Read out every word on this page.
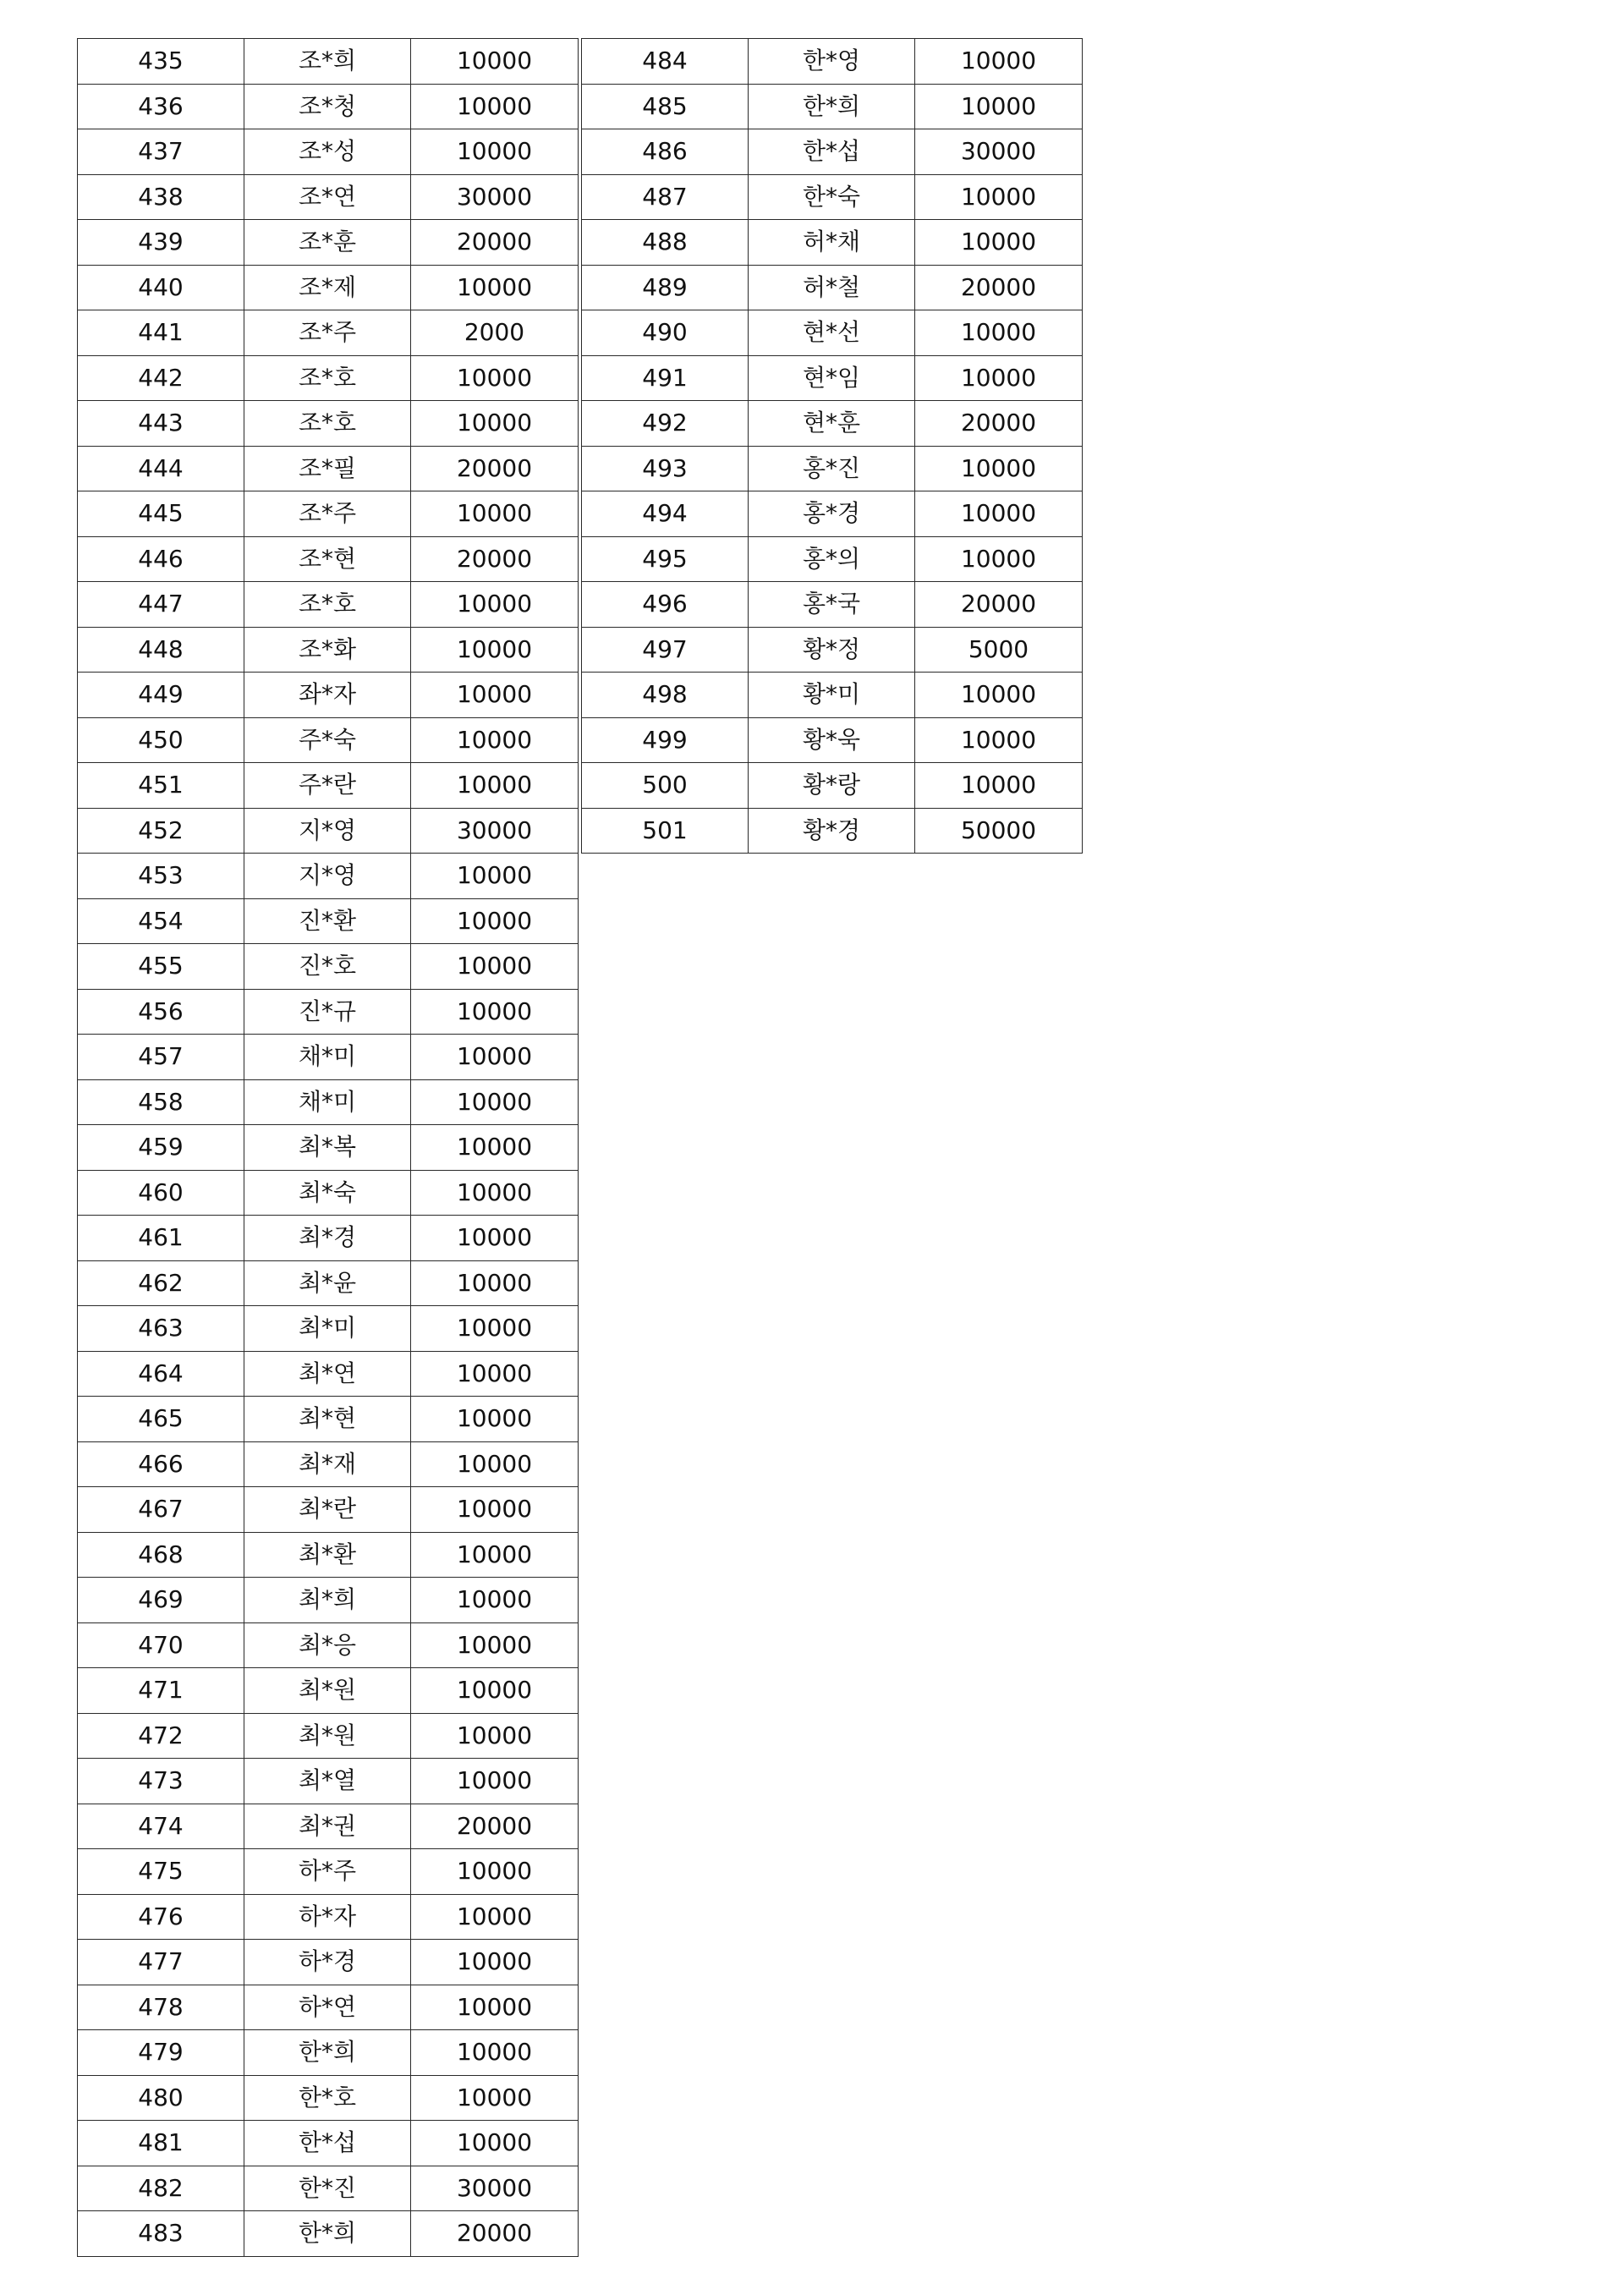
435	조*희	10000
436	조*청	10000
437	조*성	10000
438	조*연	30000
439	조*훈	20000
440	조*제	10000
441	조*주	2000
442	조*호	10000
443	조*호	10000
444	조*필	20000
445	조*주	10000
446	조*현	20000
447	조*호	10000
448	조*화	10000
449	좌*자	10000
450	주*숙	10000
451	주*란	10000
452	지*영	30000
453	지*영	10000
454	진*환	10000
455	진*호	10000
456	진*규	10000
457	채*미	10000
458	채*미	10000
459	최*복	10000
460	최*숙	10000
461	최*경	10000
462	최*윤	10000
463	최*미	10000
464	최*연	10000
465	최*현	10000
466	최*재	10000
467	최*란	10000
468	최*환	10000
469	최*희	10000
470	최*응	10000
471	최*원	10000
472	최*원	10000
473	최*열	10000
474	최*권	20000
475	하*주	10000
476	하*자	10000
477	하*경	10000
478	하*연	10000
479	한*희	10000
480	한*호	10000
481	한*섭	10000
482	한*진	30000
483	한*희	20000
484	한*영	10000
485	한*희	10000
486	한*섭	30000
487	한*숙	10000
488	허*채	10000
489	허*철	20000
490	현*선	10000
491	현*임	10000
492	현*훈	20000
493	홍*진	10000
494	홍*경	10000
495	홍*의	10000
496	홍*국	20000
497	황*정	5000
498	황*미	10000
499	황*욱	10000
500	황*랑	10000
501	황*경	50000
